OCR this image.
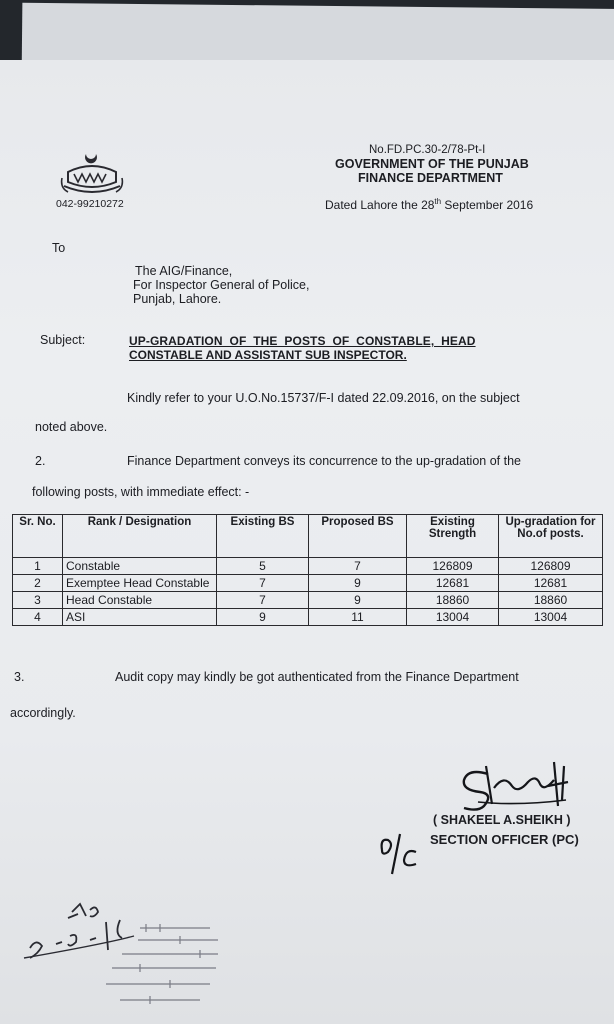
042-99210272
No.FD.PC.30-2/78-Pt-I
GOVERNMENT OF THE PUNJAB
FINANCE DEPARTMENT
Dated Lahore the 28th September 2016
To
The AIG/Finance,
For Inspector General of Police,
Punjab, Lahore.
Subject:	UP-GRADATION  OF  THE  POSTS  OF  CONSTABLE,  HEAD
CONSTABLE AND ASSISTANT SUB INSPECTOR.
Kindly refer to your U.O.No.15737/F-I dated 22.09.2016, on the subject
noted above.
2.	Finance Department conveys its concurrence to the up-gradation of the
following posts, with immediate effect: -
Sr. No.	Rank / Designation	Existing BS	Proposed BS	Existing Strength	Up-gradation for No.of posts.
1	Constable	5	7	126809	126809
2	Exemptee Head Constable	7	9	12681	12681
3	Head Constable	7	9	18860	18860
4	ASI	9	11	13004	13004
3.	Audit copy may kindly be got authenticated from the Finance Department
accordingly.
( SHAKEEL A.SHEIKH )
SECTION OFFICER (PC)
